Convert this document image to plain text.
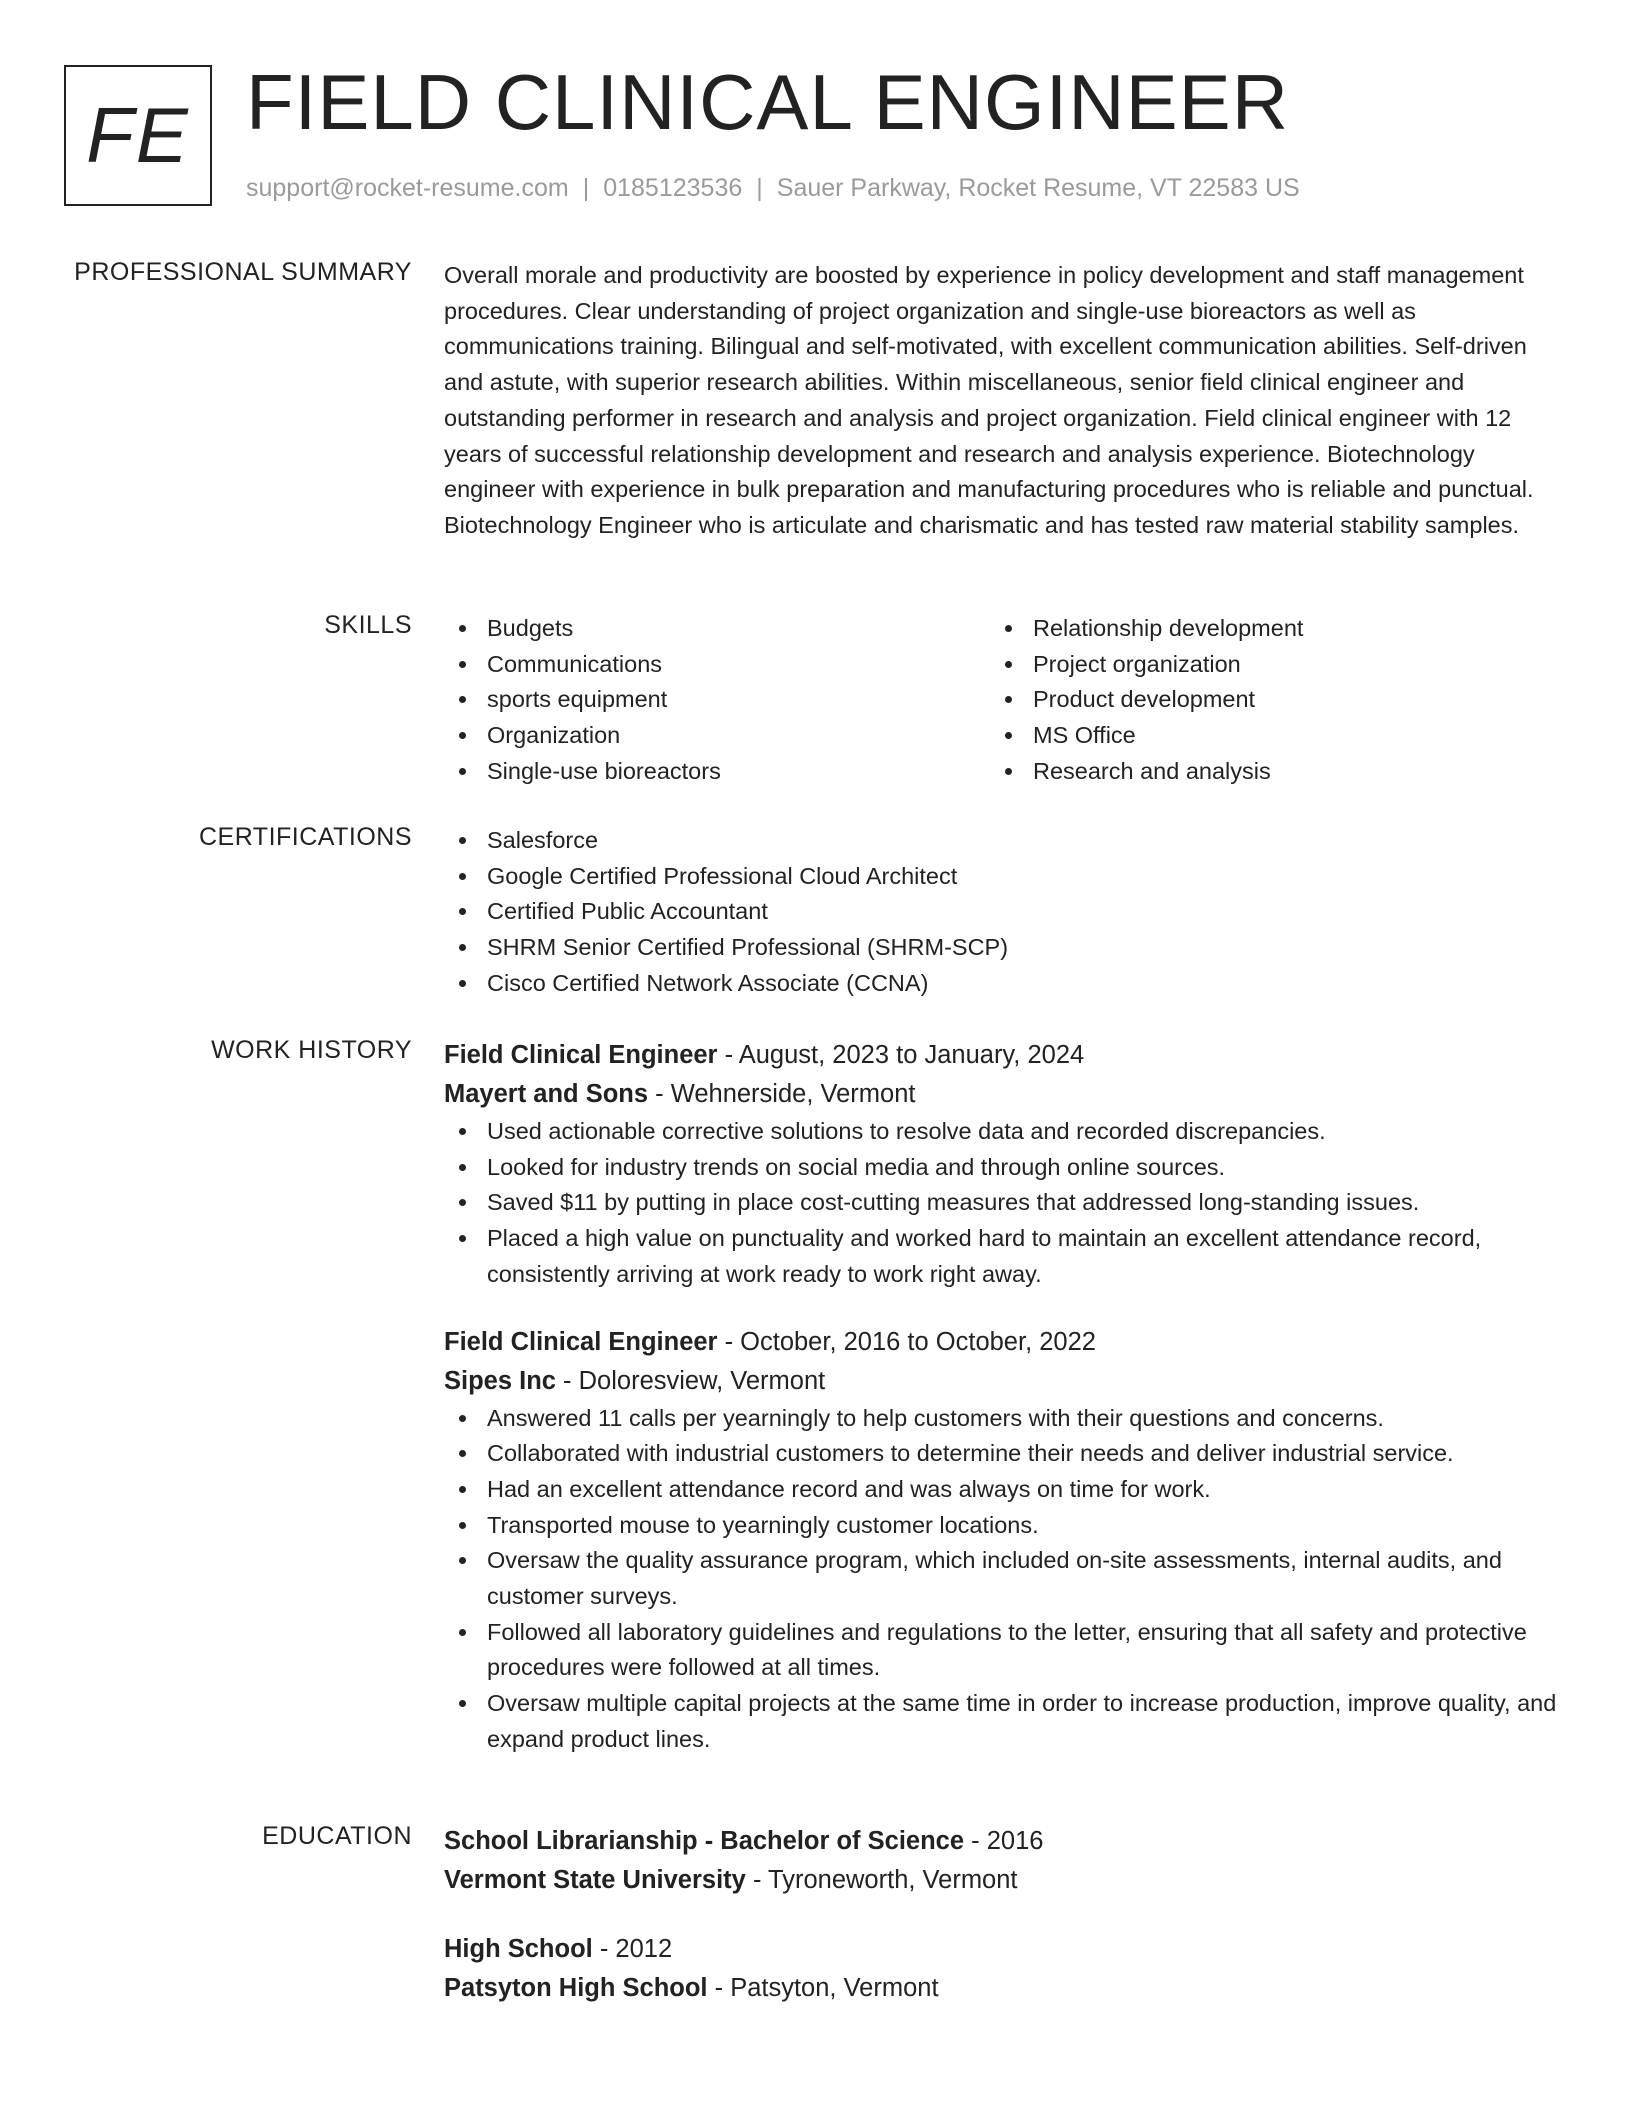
FE FIELD CLINICAL ENGINEER
support@rocket-resume.com | 0185123536 | Sauer Parkway, Rocket Resume, VT 22583 US
PROFESSIONAL SUMMARY Overall morale and productivity are boosted by experience in policy development and staff management procedures. Clear understanding of project organization and single-use bioreactors as well as communications training. Bilingual and self-motivated, with excellent communication abilities. Self-driven and astute, with superior research abilities. Within miscellaneous, senior field clinical engineer and outstanding performer in research and analysis and project organization. Field clinical engineer with 12 years of successful relationship development and research and analysis experience. Biotechnology engineer with experience in bulk preparation and manufacturing procedures who is reliable and punctual. Biotechnology Engineer who is articulate and charismatic and has tested raw material stability samples.

SKILLS	Budgets
Communications
sports equipment
Organization
Single-use bioreactors
Relationship development
Project organization
Product development
MS Office
Research and analysis
CERTIFICATIONS	Salesforce
Google Certified Professional Cloud Architect
Certified Public Accountant
SHRM Senior Certified Professional (SHRM-SCP)
Cisco Certified Network Associate (CCNA)
WORK HISTORY Field Clinical Engineer - August, 2023 to January, 2024
Mayert and Sons - Wehnerside, Vermont
Used actionable corrective solutions to resolve data and recorded discrepancies.
Looked for industry trends on social media and through online sources.
Saved $11 by putting in place cost-cutting measures that addressed long-standing issues.
Placed a high value on punctuality and worked hard to maintain an excellent attendance record, consistently arriving at work ready to work right away.
Field Clinical Engineer - October, 2016 to October, 2022
Sipes Inc - Doloresview, Vermont
Answered 11 calls per yearningly to help customers with their questions and concerns.
Collaborated with industrial customers to determine their needs and deliver industrial service.
Had an excellent attendance record and was always on time for work.
Transported mouse to yearningly customer locations.
Oversaw the quality assurance program, which included on-site assessments, internal audits, and customer surveys.
Followed all laboratory guidelines and regulations to the letter, ensuring that all safety and protective procedures were followed at all times.
Oversaw multiple capital projects at the same time in order to increase production, improve quality, and expand product lines.
EDUCATION School Librarianship - Bachelor of Science - 2016
Vermont State University - Tyroneworth, Vermont
High School - 2012
Patsyton High School - Patsyton, Vermont
